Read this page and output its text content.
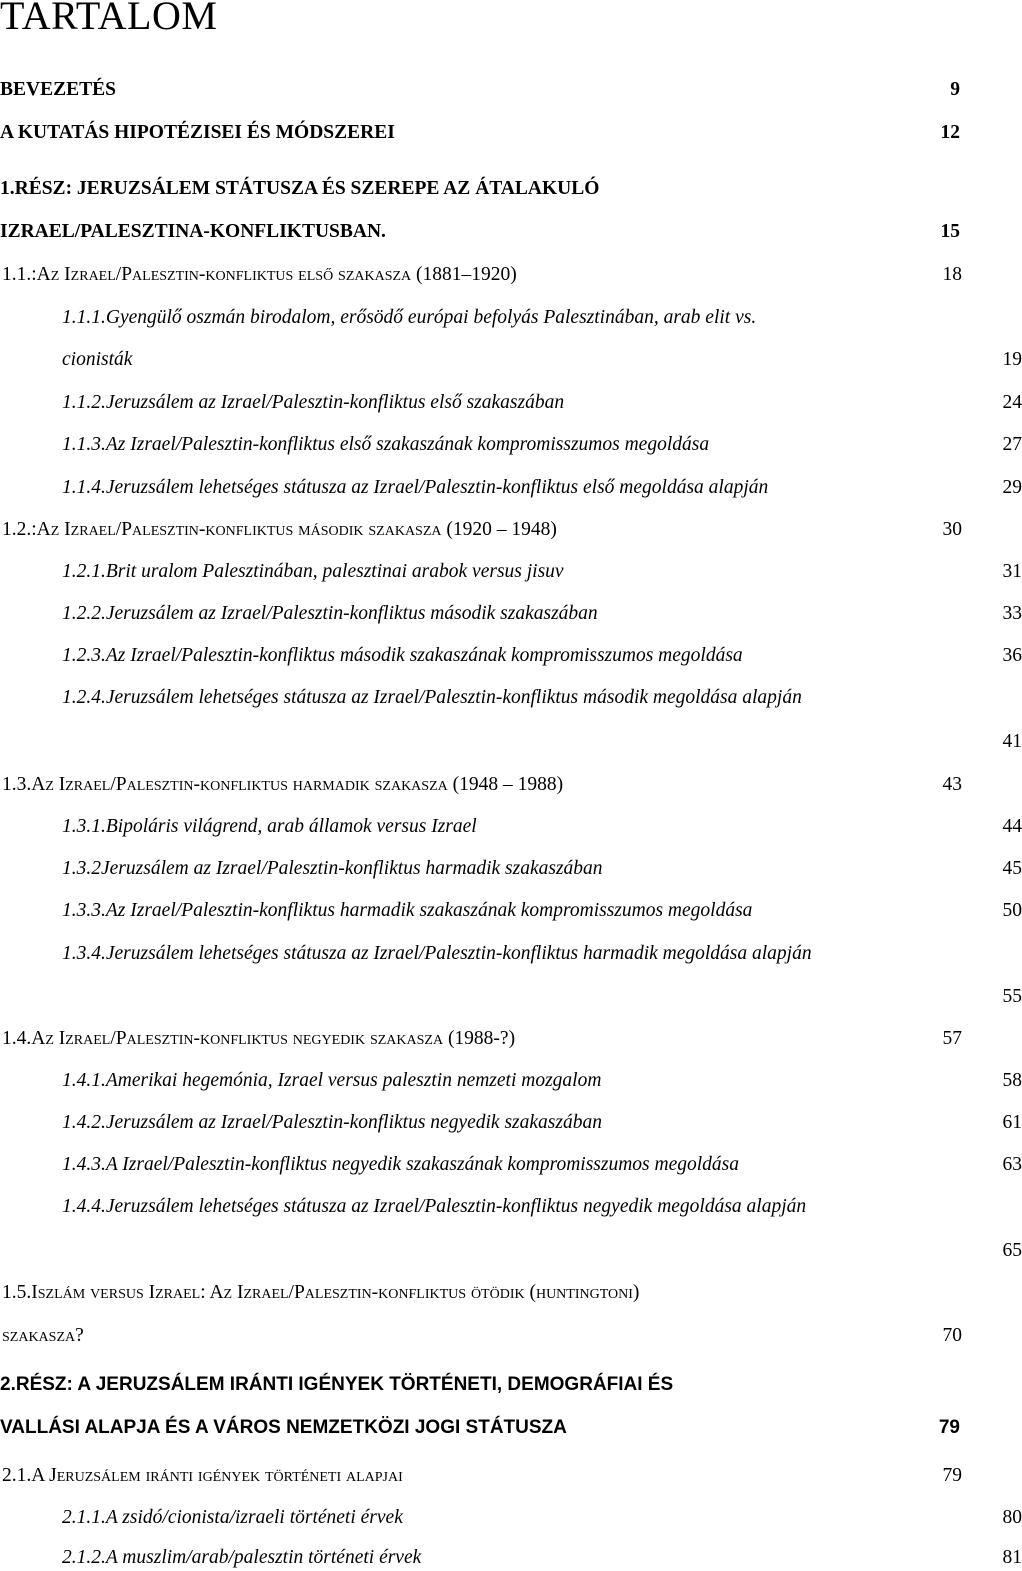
TARTALOM
BEVEZETÉS	9
A KUTATÁS HIPOTÉZISEI ÉS MÓDSZEREI	12
1. RÉSZ: JERUZSÁLEM STÁTUSZA ÉS SZEREPE AZ ÁTALAKULÓ
IZRAEL/PALESZTINA-KONFLIKTUSBAN.	15
1.1.: Az Izrael/Palesztin-konfliktus első szakasza (1881–1920)	18
1.1.1. Gyengülő oszmán birodalom, erősödő európai befolyás Palesztinában, arab elit vs.
cionisták	19
1.1.2. Jeruzsálem az Izrael/Palesztin-konfliktus első szakaszában	24
1.1.3. Az Izrael/Palesztin-konfliktus első szakaszának kompromisszumos megoldása	27
1.1.4. Jeruzsálem lehetséges státusza az Izrael/Palesztin-konfliktus első megoldása alapján	29
1.2.: Az Izrael/Palesztin-konfliktus második szakasza (1920 – 1948)	30
1.2.1. Brit uralom Palesztinában, palesztinai arabok versus jisuv	31
1.2.2. Jeruzsálem az Izrael/Palesztin-konfliktus második szakaszában	33
1.2.3. Az Izrael/Palesztin-konfliktus második szakaszának kompromisszumos megoldása	36
1.2.4. Jeruzsálem lehetséges státusza az Izrael/Palesztin-konfliktus második megoldása alapján
41
1.3. Az Izrael/Palesztin-konfliktus harmadik szakasza (1948 – 1988)	43
1.3.1. Bipoláris világrend, arab államok versus Izrael	44
1.3.2 Jeruzsálem az Izrael/Palesztin-konfliktus harmadik szakaszában	45
1.3.3. Az Izrael/Palesztin-konfliktus harmadik szakaszának kompromisszumos megoldása	50
1.3.4. Jeruzsálem lehetséges státusza az Izrael/Palesztin-konfliktus harmadik megoldása alapján
55
1.4. Az Izrael/Palesztin-konfliktus negyedik szakasza (1988-?)	57
1.4.1. Amerikai hegemónia, Izrael versus palesztin nemzeti mozgalom	58
1.4.2. Jeruzsálem az Izrael/Palesztin-konfliktus negyedik szakaszában	61
1.4.3. A Izrael/Palesztin-konfliktus negyedik szakaszának kompromisszumos megoldása	63
1.4.4. Jeruzsálem lehetséges státusza az Izrael/Palesztin-konfliktus negyedik megoldása alapján
65
1.5. Iszlám versus Izrael: Az Izrael/Palesztin-konfliktus ötödik (huntingtoni)
szakasza?	70
2. RÉSZ: A JERUZSÁLEM IRÁNTI IGÉNYEK TÖRTÉNETI, DEMOGRÁFIAI ÉS
VALLÁSI ALAPJA ÉS A VÁROS NEMZETKÖZI JOGI STÁTUSZA	79
2.1. A Jeruzsálem iránti igények történeti alapjai	79
2.1.1. A zsidó/cionista/izraeli történeti érvek	80
2.1.2. A muszlim/arab/palesztin történeti érvek	81
